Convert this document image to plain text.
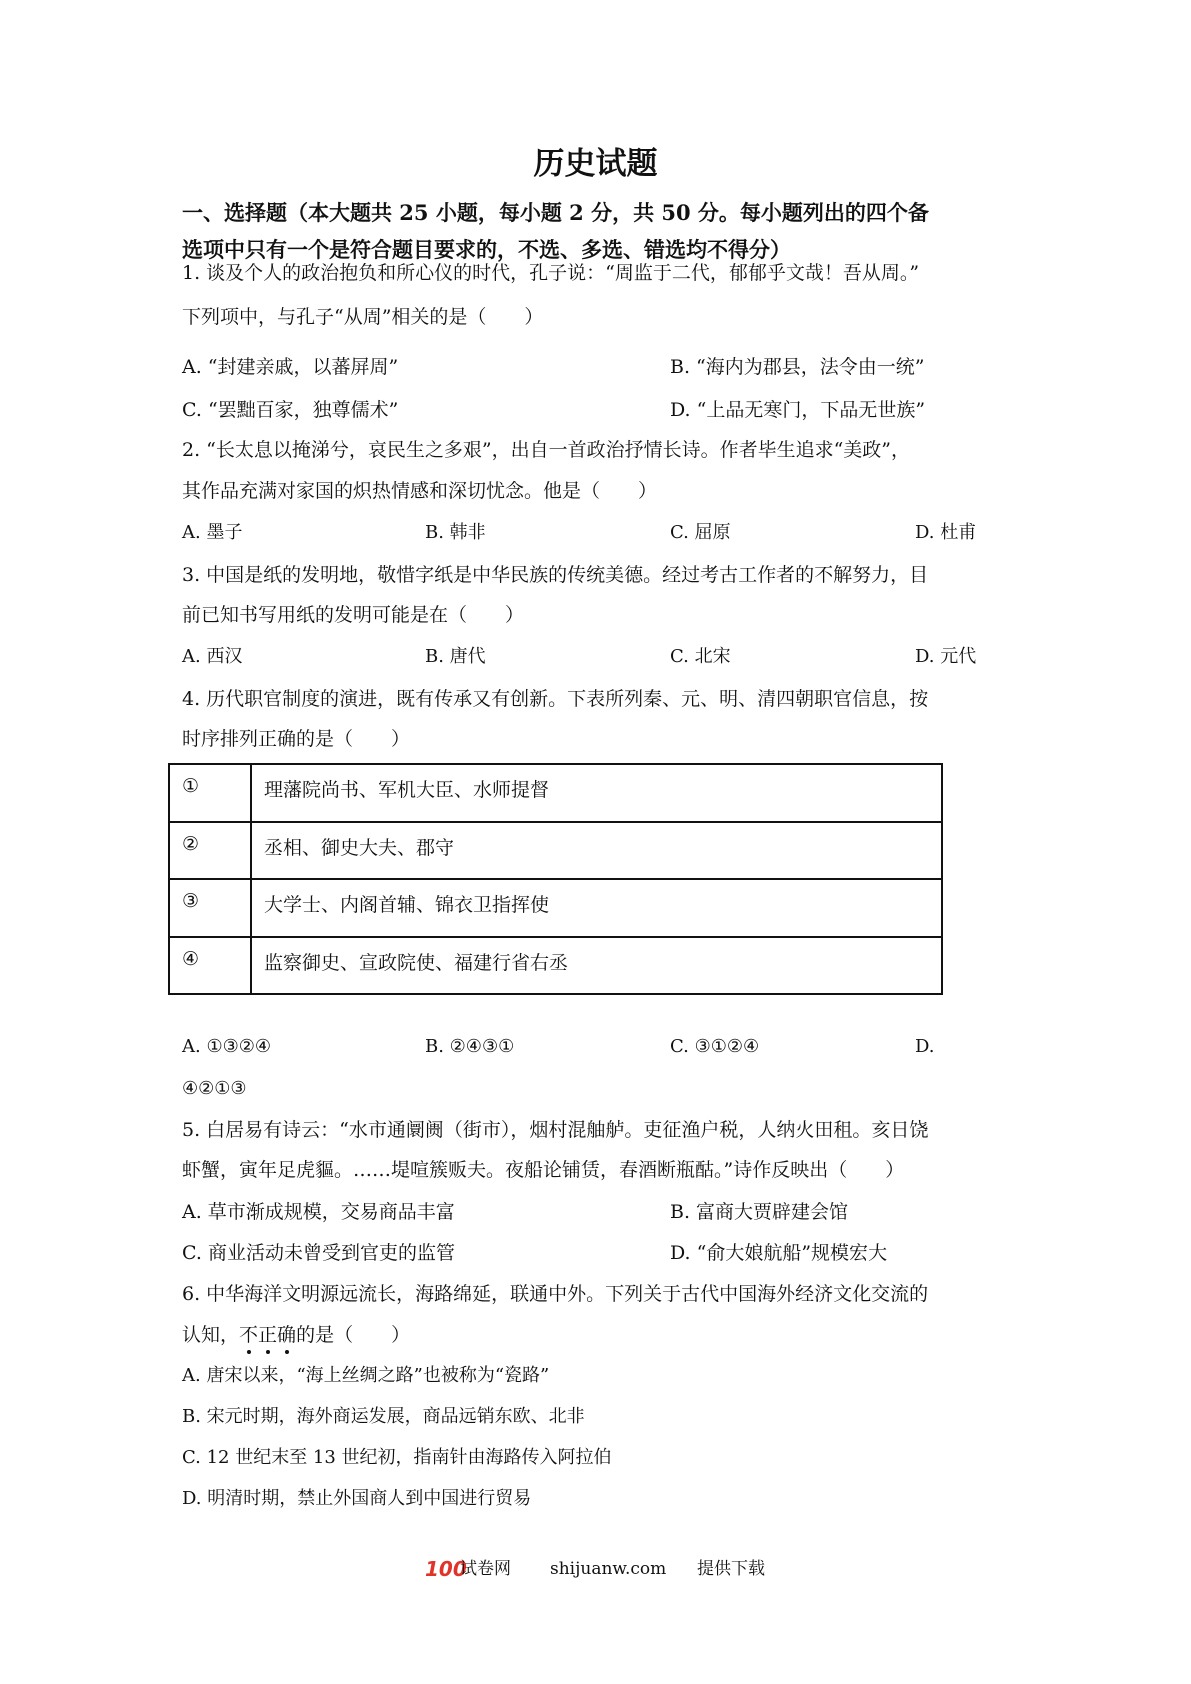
历史试题
一、选择题（本大题共 25 小题，每小题 2 分，共 50 分。每小题列出的四个备
选项中只有一个是符合题目要求的，不选、多选、错选均不得分）
1. 谈及个人的政治抱负和所心仪的时代，孔子说：“周监于二代，郁郁乎文哉！吾从周。”
下列项中，与孔子“从周”相关的是（　　）
A. “封建亲戚，以蕃屏周”	B. “海内为郡县，法令由一统”
C. “罢黜百家，独尊儒术”	D. “上品无寒门，下品无世族”
2. “长太息以掩涕兮，哀民生之多艰”，出自一首政治抒情长诗。作者毕生追求“美政”，
其作品充满对家国的炽热情感和深切忧念。他是（　　）
A. 墨子	B. 韩非	C. 屈原	D. 杜甫
3. 中国是纸的发明地，敬惜字纸是中华民族的传统美德。经过考古工作者的不解努力，目
前已知书写用纸的发明可能是在（　　）
A. 西汉	B. 唐代	C. 北宋	D. 元代
4. 历代职官制度的演进，既有传承又有创新。下表所列秦、元、明、清四朝职官信息，按
时序排列正确的是（　　）
①	理藩院尚书、军机大臣、水师提督
②	丞相、御史大夫、郡守
③	大学士、内阁首辅、锦衣卫指挥使
④	监察御史、宣政院使、福建行省右丞
A. ①③②④	B. ②④③①	C. ③①②④	D.
④②①③
5. 白居易有诗云：“水市通阛阓（街市），烟村混舳舻。吏征渔户税，人纳火田租。亥日饶
虾蟹，寅年足虎貙。……堤喧簇贩夫。夜船论铺赁，春酒断瓶酤。”诗作反映出（　　）
A. 草市渐成规模，交易商品丰富	B. 富商大贾辟建会馆
C. 商业活动未曾受到官吏的监管	D. “俞大娘航船”规模宏大
6. 中华海洋文明源远流长，海路绵延，联通中外。下列关于古代中国海外经济文化交流的
认知，不正确的是（　　）
A. 唐宋以来，“海上丝绸之路”也被称为“瓷路”
B. 宋元时期，海外商运发展，商品远销东欧、北非
C. 12 世纪末至 13 世纪初，指南针由海路传入阿拉伯
D. 明清时期，禁止外国商人到中国进行贸易
100
试卷网 shijuanw.com 提供下载
